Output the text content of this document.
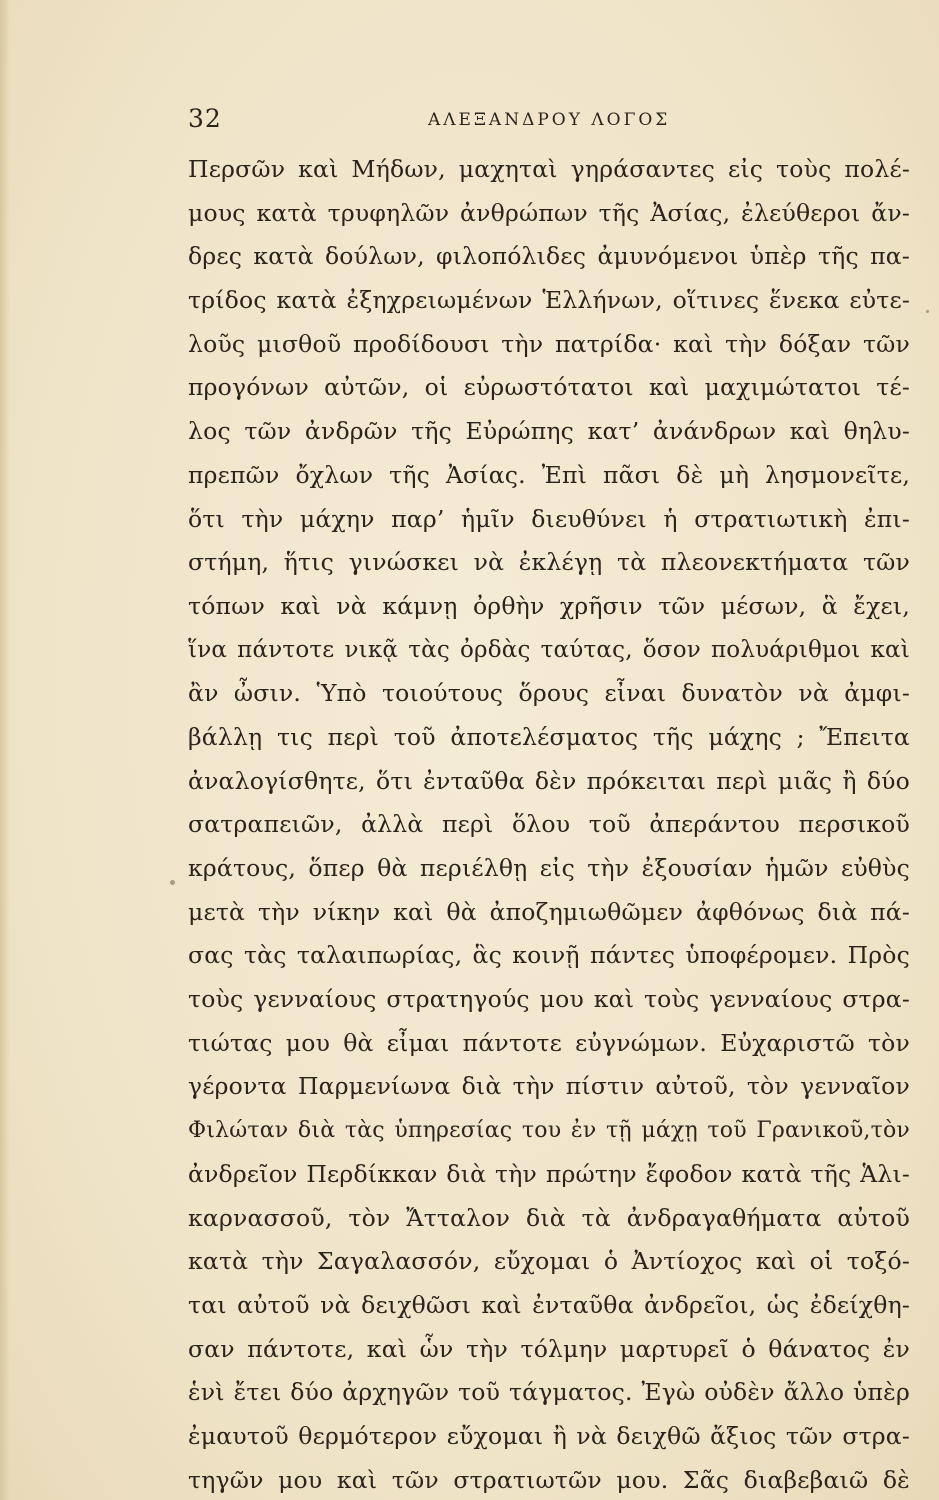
32	ΑΛΕΞΑΝΔΡΟΥ ΛΟΓΟΣ
Περσῶν καὶ Μήδων, μαχηταὶ γηράσαντες εἰς τοὺς πολέ-
μους κατὰ τρυφηλῶν ἀνθρώπων τῆς Ἀσίας, ἐλεύθεροι ἄν-
δρες κατὰ δούλων, φιλοπόλιδες ἀμυνόμενοι ὑπὲρ τῆς πα-
τρίδος κατὰ ἐξηχρειωμένων Ἑλλήνων, οἵτινες ἕνεκα εὐτε-
λοῦς μισθοῦ προδίδουσι τὴν πατρίδα· καὶ τὴν δόξαν τῶν
προγόνων αὐτῶν, οἱ εὐρωστότατοι καὶ μαχιμώτατοι τέ-
λος τῶν ἀνδρῶν τῆς Εὐρώπης κατ’ ἀνάνδρων καὶ θηλυ-
πρεπῶν ὄχλων τῆς Ἀσίας. Ἐπὶ πᾶσι δὲ μὴ λησμονεῖτε,
ὅτι τὴν μάχην παρ’ ἡμῖν διευθύνει ἡ στρατιωτικὴ ἐπι-
στήμη, ἥτις γινώσκει νὰ ἐκλέγῃ τὰ πλεονεκτήματα τῶν
τόπων καὶ νὰ κάμνῃ ὀρθὴν χρῆσιν τῶν μέσων, ἃ ἔχει,
ἵνα πάντοτε νικᾷ τὰς ὀρδὰς ταύτας, ὅσον πολυάριθμοι καὶ
ἂν ὦσιν. Ὑπὸ τοιούτους ὅρους εἶναι δυνατὸν νὰ ἀμφι-
βάλλῃ τις περὶ τοῦ ἀποτελέσματος τῆς μάχης ; Ἔπειτα
ἀναλογίσθητε, ὅτι ἐνταῦθα δὲν πρόκειται περὶ μιᾶς ἢ δύο
σατραπειῶν, ἀλλὰ περὶ ὅλου τοῦ ἀπεράντου περσικοῦ
κράτους, ὅπερ θὰ περιέλθῃ εἰς τὴν ἐξουσίαν ἡμῶν εὐθὺς
μετὰ τὴν νίκην καὶ θὰ ἀποζημιωθῶμεν ἀφθόνως διὰ πά-
σας τὰς ταλαιπωρίας, ἃς κοινῇ πάντες ὑποφέρομεν. Πρὸς
τοὺς γενναίους στρατηγούς μου καὶ τοὺς γενναίους στρα-
τιώτας μου θὰ εἶμαι πάντοτε εὐγνώμων. Εὐχαριστῶ τὸν
γέροντα Παρμενίωνα διὰ τὴν πίστιν αὐτοῦ, τὸν γενναῖον
Φιλώταν διὰ τὰς ὑπηρεσίας του ἐν τῇ μάχῃ τοῦ Γρανικοῦ,τὸν
ἀνδρεῖον Περδίκκαν διὰ τὴν πρώτην ἔφοδον κατὰ τῆς Ἁλι-
καρνασσοῦ, τὸν Ἄτταλον διὰ τὰ ἀνδραγαθήματα αὐτοῦ
κατὰ τὴν Σαγαλασσόν, εὔχομαι ὁ Ἀντίοχος καὶ οἱ τοξό-
ται αὐτοῦ νὰ δειχθῶσι καὶ ἐνταῦθα ἀνδρεῖοι, ὡς ἐδείχθη-
σαν πάντοτε, καὶ ὧν τὴν τόλμην μαρτυρεῖ ὁ θάνατος ἐν
ἑνὶ ἔτει δύο ἀρχηγῶν τοῦ τάγματος. Ἐγὼ οὐδὲν ἄλλο ὑπὲρ
ἐμαυτοῦ θερμότερον εὔχομαι ἢ νὰ δειχθῶ ἄξιος τῶν στρα-
τηγῶν μου καὶ τῶν στρατιωτῶν μου. Σᾶς διαβεβαιῶ δὲ
